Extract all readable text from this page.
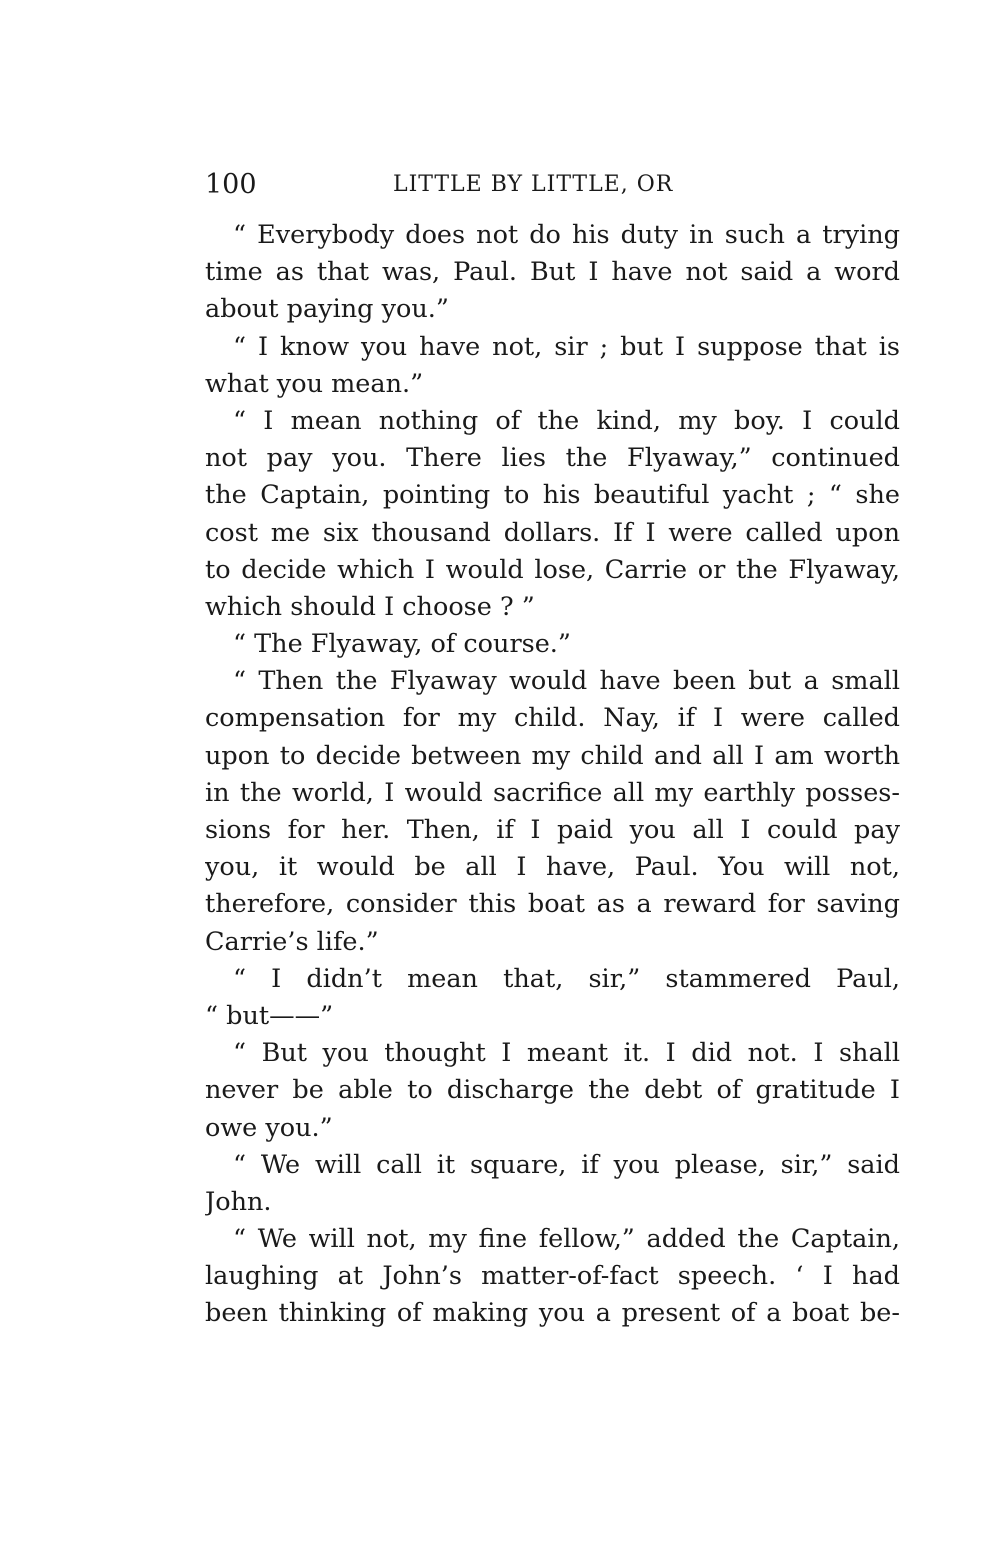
100	LITTLE BY LITTLE, OR
“ Everybody does not do his duty in such a trying
time as that was, Paul. But I have not said a word
about paying you.”
“ I know you have not, sir ; but I suppose that is
what you mean.”
“ I mean nothing of the kind, my boy. I could
not pay you. There lies the Flyaway,” continued
the Captain, pointing to his beautiful yacht ; “ she
cost me six thousand dollars. If I were called upon
to decide which I would lose, Carrie or the Flyaway,
which should I choose ? ”
“ The Flyaway, of course.”
“ Then the Flyaway would have been but a small
compensation for my child. Nay, if I were called
upon to decide between my child and all I am worth
in the world, I would sacrifice all my earthly posses-
sions for her. Then, if I paid you all I could pay
you, it would be all I have, Paul. You will not,
therefore, consider this boat as a reward for saving
Carrie’s life.”
“ I didn’t mean that, sir,” stammered Paul,
“ but——”
“ But you thought I meant it. I did not. I shall
never be able to discharge the debt of gratitude I
owe you.”
“ We will call it square, if you please, sir,” said
John.
“ We will not, my fine fellow,” added the Captain,
laughing at John’s matter-of-fact speech. ‘ I had
been thinking of making you a present of a boat be-
